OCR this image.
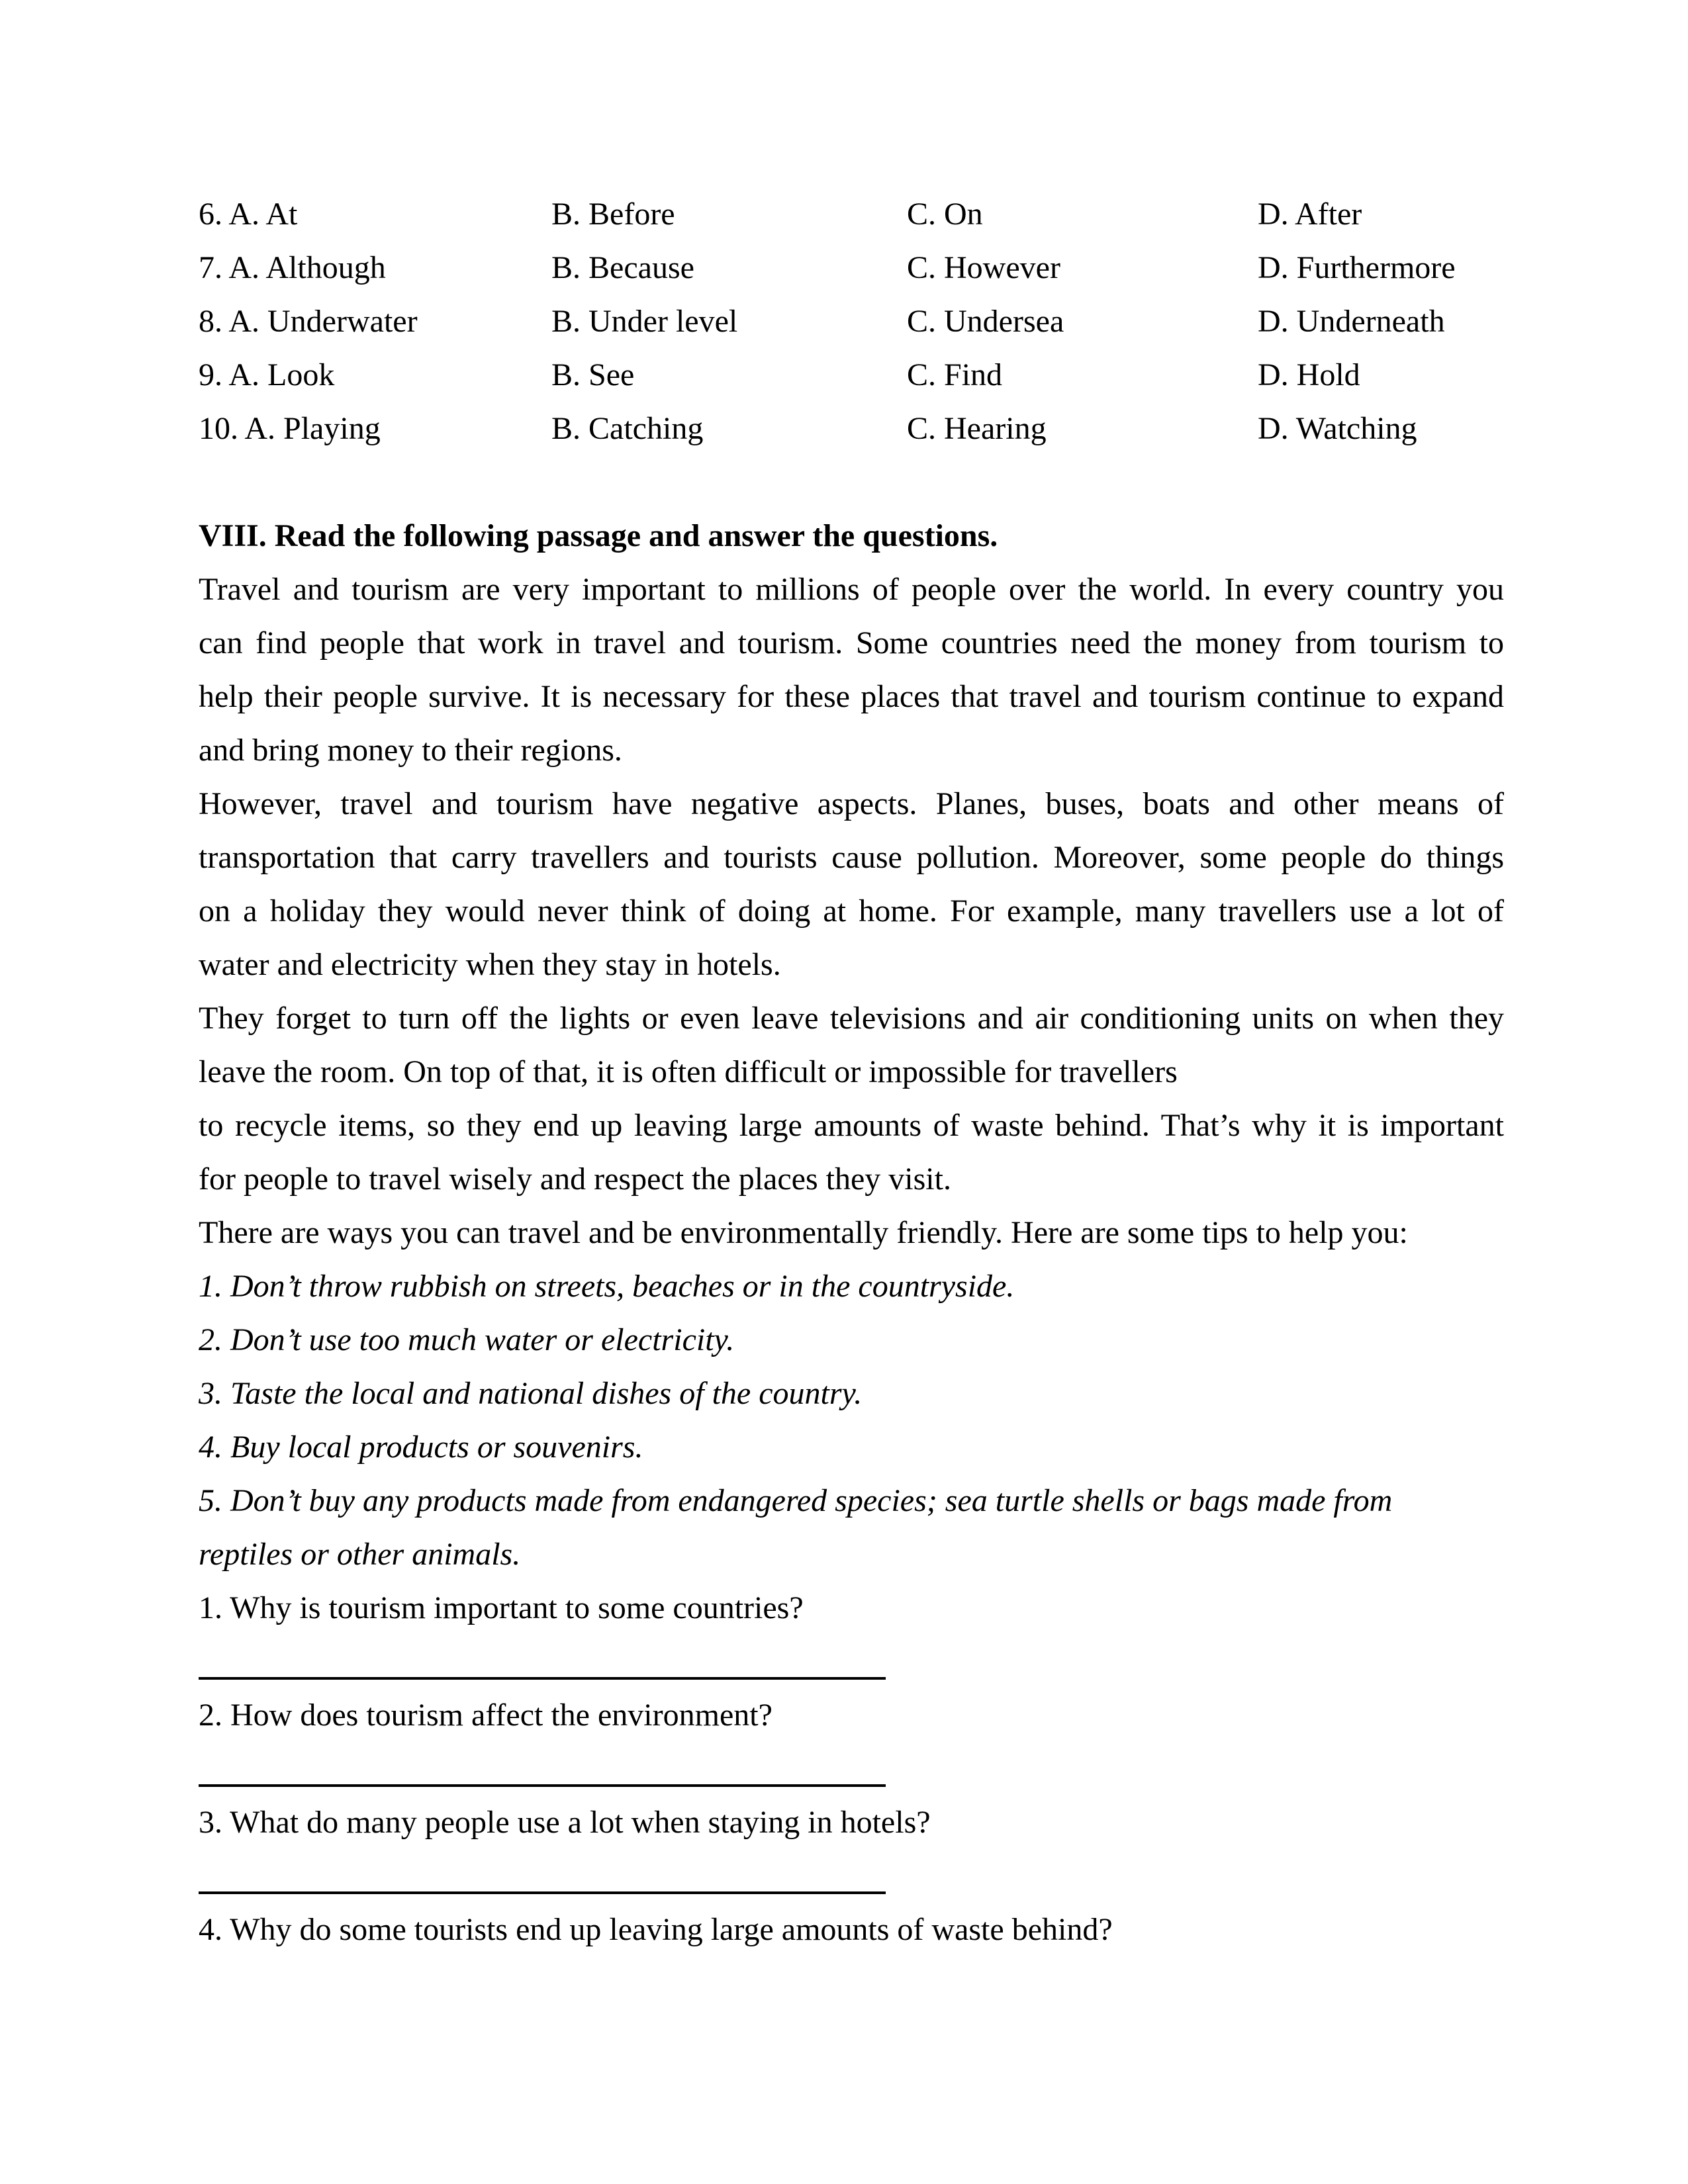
6. A. At	B. Before	C. On	D. After
7. A. Although	B. Because	C. However	D. Furthermore
8. A. Underwater	B. Under level	C. Undersea	D. Underneath
9. A. Look	B. See	C. Find	D. Hold
10. A. Playing	B. Catching	C. Hearing	D. Watching
VIII. Read the following passage and answer the questions.
Travel and tourism are very important to millions of people over the world. In every country you
can find people that work in travel and tourism. Some countries need the money from tourism to
help their people survive. It is necessary for these places that travel and tourism continue to expand
and bring money to their regions.
However, travel and tourism have negative aspects. Planes, buses, boats and other means of
transportation that carry travellers and tourists cause pollution. Moreover, some people do things
on a holiday they would never think of doing at home. For example, many travellers use a lot of
water and electricity when they stay in hotels.
They forget to turn off the lights or even leave televisions and air conditioning units on when they
leave the room. On top of that, it is often difficult or impossible for travellers
to recycle items, so they end up leaving large amounts of waste behind. That’s why it is important
for people to travel wisely and respect the places they visit.
There are ways you can travel and be environmentally friendly. Here are some tips to help you:
1. Don’t throw rubbish on streets, beaches or in the countryside.
2. Don’t use too much water or electricity.
3. Taste the local and national dishes of the country.
4. Buy local products or souvenirs.
5. Don’t buy any products made from endangered species; sea turtle shells or bags made from
reptiles or other animals.
1. Why is tourism important to some countries?
2. How does tourism affect the environment?
3. What do many people use a lot when staying in hotels?
4. Why do some tourists end up leaving large amounts of waste behind?
